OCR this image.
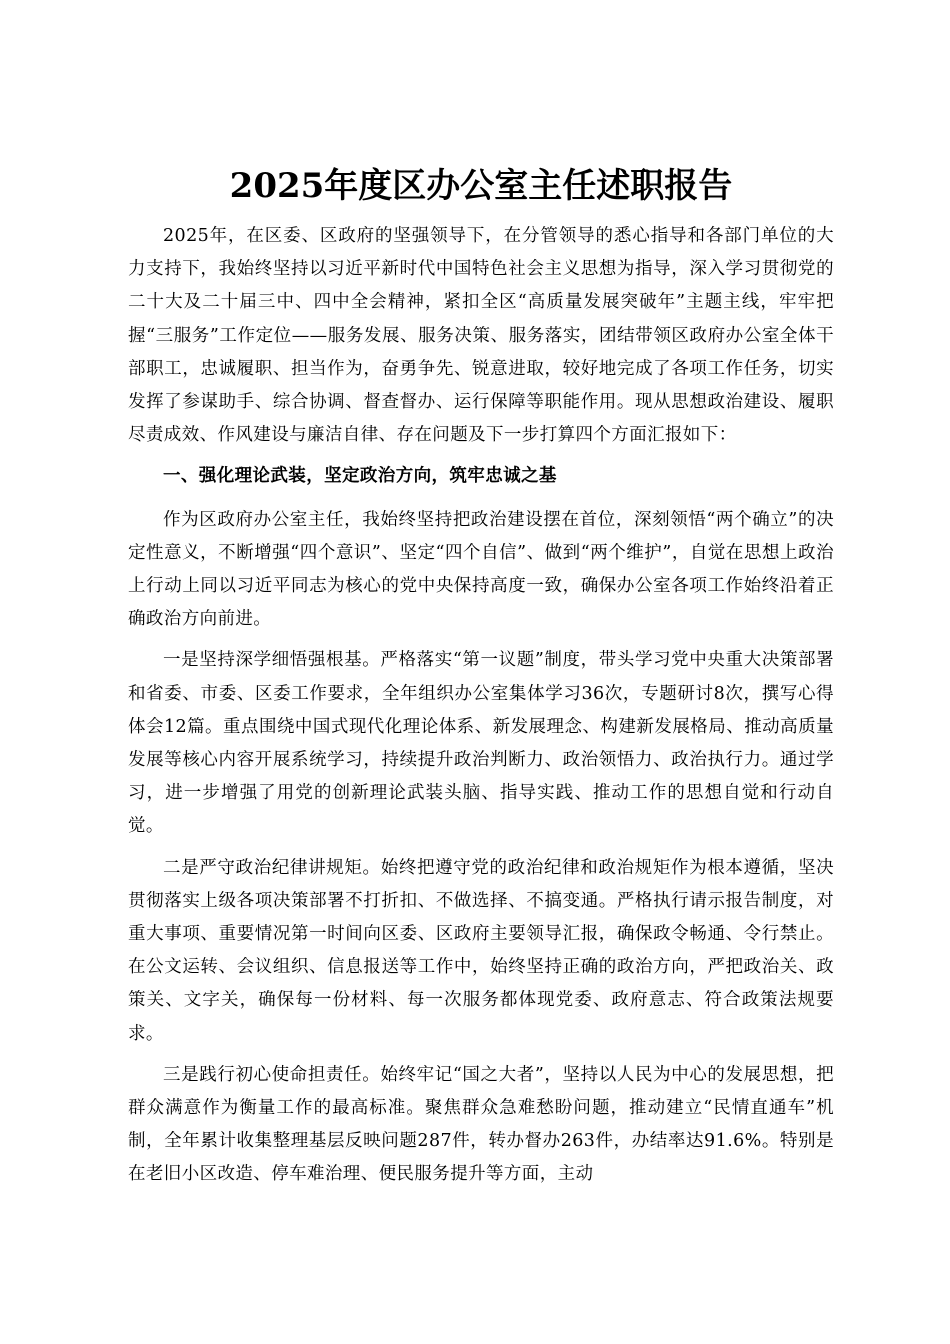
2025年度区办公室主任述职报告

2025年，在区委、区政府的坚强领导下，在分管领导的悉心指导和各部门单位的大力支持下，我始终坚持以习近平新时代中国特色社会主义思想为指导，深入学习贯彻党的二十大及二十届三中、四中全会精神，紧扣全区“高质量发展突破年”主题主线，牢牢把握“三服务”工作定位——服务发展、服务决策、服务落实，团结带领区政府办公室全体干部职工，忠诚履职、担当作为，奋勇争先、锐意进取，较好地完成了各项工作任务，切实发挥了参谋助手、综合协调、督查督办、运行保障等职能作用。现从思想政治建设、履职尽责成效、作风建设与廉洁自律、存在问题及下一步打算四个方面汇报如下：

一、强化理论武装，坚定政治方向，筑牢忠诚之基

作为区政府办公室主任，我始终坚持把政治建设摆在首位，深刻领悟“两个确立”的决定性意义，不断增强“四个意识”、坚定“四个自信”、做到“两个维护”，自觉在思想上政治上行动上同以习近平同志为核心的党中央保持高度一致，确保办公室各项工作始终沿着正确政治方向前进。

一是坚持深学细悟强根基。严格落实“第一议题”制度，带头学习党中央重大决策部署和省委、市委、区委工作要求，全年组织办公室集体学习36次，专题研讨8次，撰写心得体会12篇。重点围绕中国式现代化理论体系、新发展理念、构建新发展格局、推动高质量发展等核心内容开展系统学习，持续提升政治判断力、政治领悟力、政治执行力。通过学习，进一步增强了用党的创新理论武装头脑、指导实践、推动工作的思想自觉和行动自觉。

二是严守政治纪律讲规矩。始终把遵守党的政治纪律和政治规矩作为根本遵循，坚决贯彻落实上级各项决策部署不打折扣、不做选择、不搞变通。严格执行请示报告制度，对重大事项、重要情况第一时间向区委、区政府主要领导汇报，确保政令畅通、令行禁止。在公文运转、会议组织、信息报送等工作中，始终坚持正确的政治方向，严把政治关、政策关、文字关，确保每一份材料、每一次服务都体现党委、政府意志、符合政策法规要求。

三是践行初心使命担责任。始终牢记“国之大者”，坚持以人民为中心的发展思想，把群众满意作为衡量工作的最高标准。聚焦群众急难愁盼问题，推动建立“民情直通车”机制，全年累计收集整理基层反映问题287件，转办督办263件，办结率达91.6%。特别是在老旧小区改造、停车难治理、便民服务提升等方面，主动
